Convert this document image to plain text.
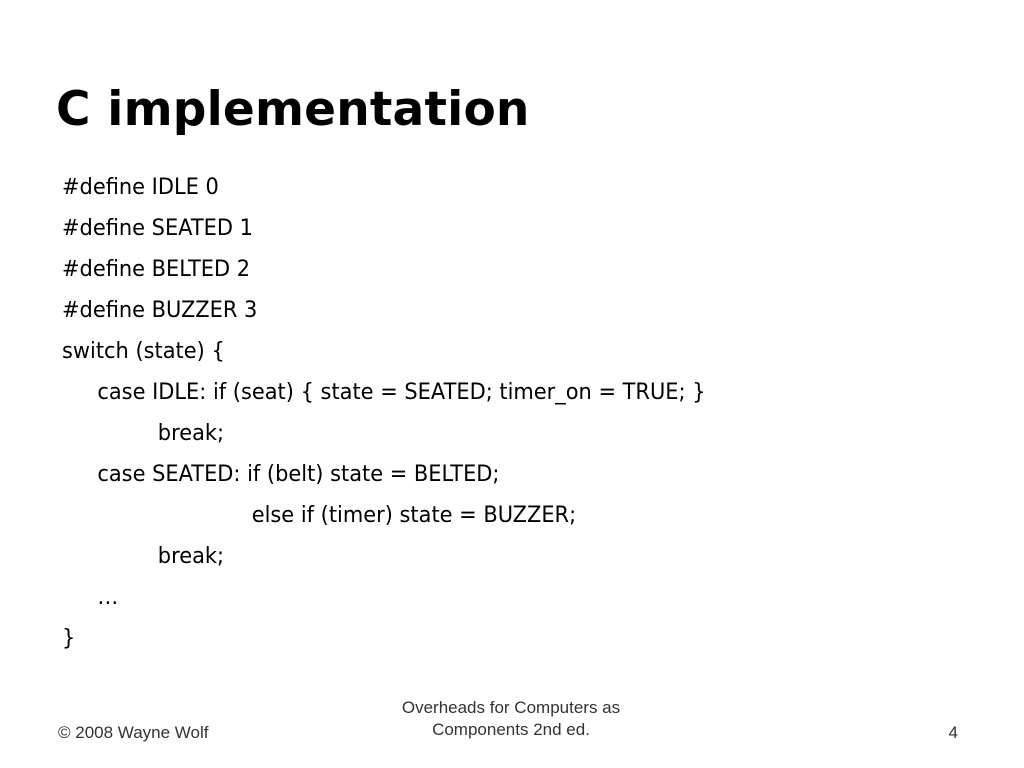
C implementation
#define IDLE 0
#define SEATED 1
#define BELTED 2
#define BUZZER 3
switch (state) {
case IDLE: if (seat) { state = SEATED; timer_on = TRUE; }
break;
case SEATED: if (belt) state = BELTED;
else if (timer) state = BUZZER;
break;
…
}
© 2008 Wayne Wolf
Overheads for Computers as
Components 2nd ed.	4
